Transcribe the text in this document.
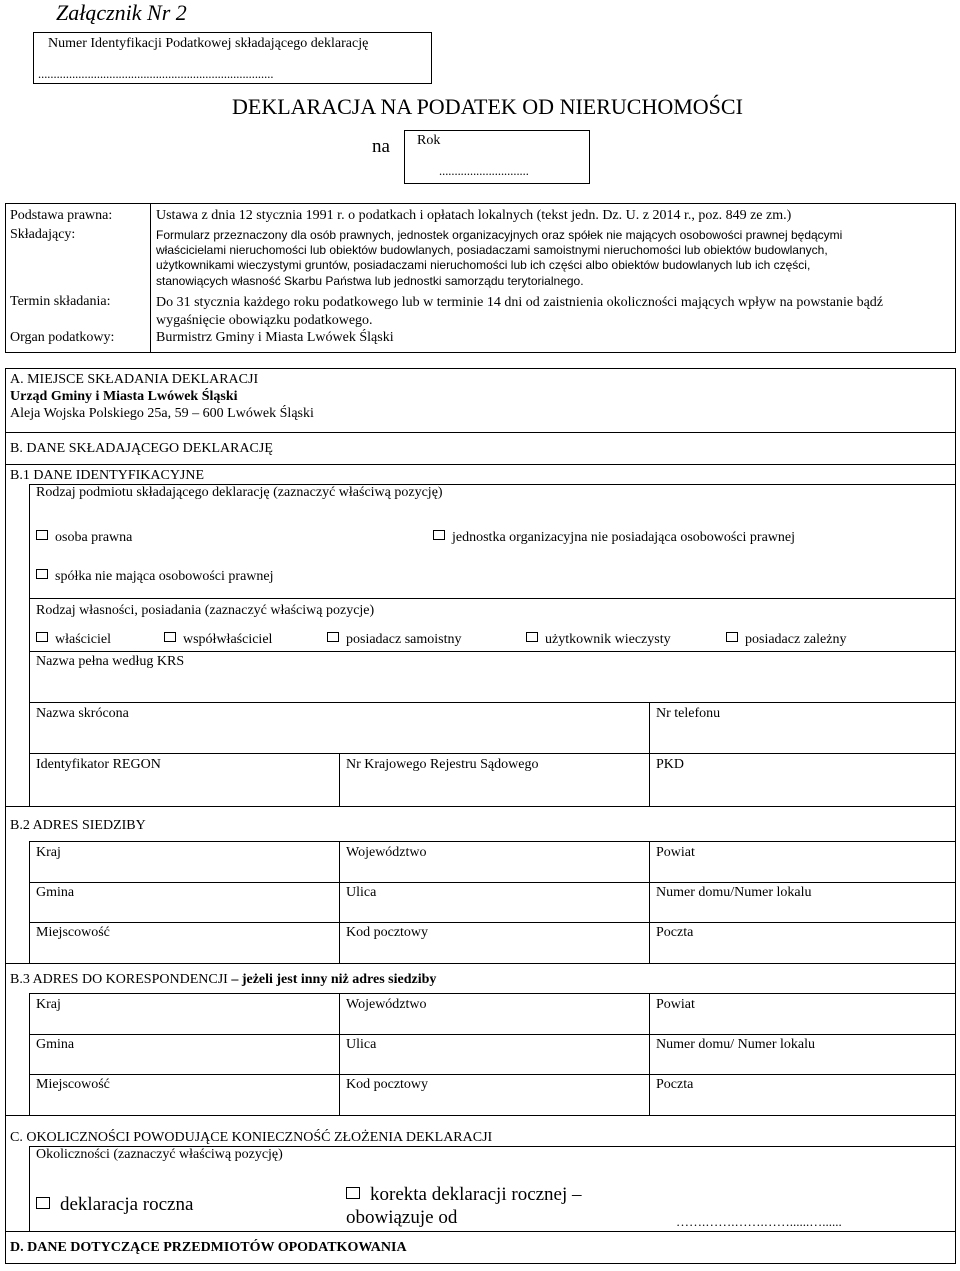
Załącznik Nr 2
Numer Identyfikacji Podatkowej składającego deklarację
............................................................................
DEKLARACJA NA PODATEK OD NIERUCHOMOŚCI
na Rok
.............................
Podstawa prawna:	Ustawa z dnia 12 stycznia 1991 r. o podatkach i opłatach lokalnych (tekst jedn. Dz. U. z 2014 r., poz. 849 ze zm.)
Składający:	Formularz przeznaczony dla osób prawnych, jednostek organizacyjnych oraz spółek nie mających osobowości prawnej będącymi
właścicielami nieruchomości lub obiektów budowlanych, posiadaczami samoistnymi nieruchomości lub obiektów budowlanych,
użytkownikami wieczystymi gruntów, posiadaczami nieruchomości lub ich części albo obiektów budowlanych lub ich części,
stanowiących własność Skarbu Państwa lub jednostki samorządu terytorialnego.
Termin składania:	Do 31 stycznia każdego roku podatkowego lub w terminie 14 dni od zaistnienia okoliczności mających wpływ na powstanie bądź
wygaśnięcie obowiązku podatkowego.
Organ podatkowy:	Burmistrz Gminy i Miasta Lwówek Śląski
A. MIEJSCE SKŁADANIA DEKLARACJI
Urząd Gminy i Miasta Lwówek Śląski
Aleja Wojska Polskiego 25a, 59 – 600 Lwówek Śląski
B. DANE SKŁADAJĄCEGO DEKLARACJĘ
B.1 DANE IDENTYFIKACYJNE
Rodzaj podmiotu składającego deklarację (zaznaczyć właściwą pozycję)
osoba prawna	jednostka organizacyjna nie posiadająca osobowości prawnej
spółka nie mająca osobowości prawnej
Rodzaj własności, posiadania (zaznaczyć właściwą pozycje)
właściciel	współwłaściciel	posiadacz samoistny	użytkownik wieczysty	posiadacz zależny
Nazwa pełna według KRS
Nazwa skrócona	Nr telefonu
Identyfikator REGON	Nr Krajowego Rejestru Sądowego	PKD
B.2 ADRES SIEDZIBY
Kraj	Województwo	Powiat
Gmina	Ulica	Numer domu/Numer lokalu
Miejscowość	Kod pocztowy	Poczta
B.3 ADRES DO KORESPONDENCJI – jeżeli jest inny niż adres siedziby
Kraj	Województwo	Powiat
Gmina	Ulica	Numer domu/ Numer lokalu
Miejscowość	Kod pocztowy	Poczta
C. OKOLICZNOŚCI POWODUJĄCE KONIECZNOŚĆ ZŁOŻENIA DEKLARACJI
Okoliczności (zaznaczyć właściwą pozycję)
deklaracja roczna	korekta deklaracji rocznej –
obowiązuje od	…….…….…….……......…......
D. DANE DOTYCZĄCE PRZEDMIOTÓW OPODATKOWANIA
